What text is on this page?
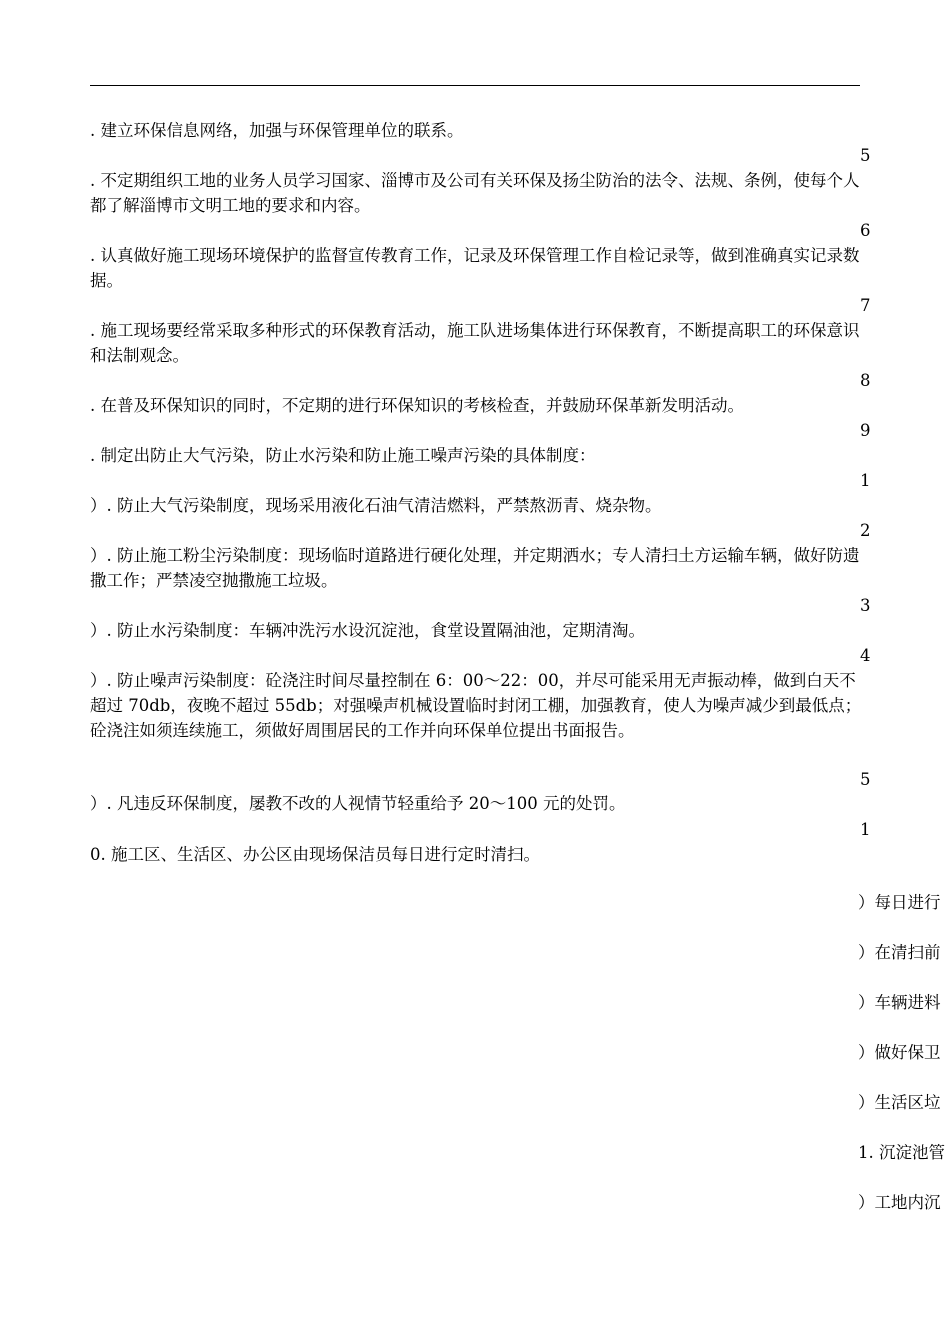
. 建立环保信息网络，加强与环保管理单位的联系。

5

. 不定期组织工地的业务人员学习国家、淄博市及公司有关环保及扬尘防治的法令、法规、条例，使每个人都了解淄博市文明工地的要求和内容。

6

. 认真做好施工现场环境保护的监督宣传教育工作，记录及环保管理工作自检记录等，做到准确真实记录数据。

7

. 施工现场要经常采取多种形式的环保教育活动，施工队进场集体进行环保教育，不断提高职工的环保意识和法制观念。

8

. 在普及环保知识的同时，不定期的进行环保知识的考核检查，并鼓励环保革新发明活动。

9

. 制定出防止大气污染，防止水污染和防止施工噪声污染的具体制度：

1

）. 防止大气污染制度，现场采用液化石油气清洁燃料，严禁熬沥青、烧杂物。

2

）. 防止施工粉尘污染制度：现场临时道路进行硬化处理，并定期洒水；专人清扫土方运输车辆，做好防遗撒工作；严禁凌空抛撒施工垃圾。

3

）. 防止水污染制度：车辆冲洗污水设沉淀池，食堂设置隔油池，定期清淘。

4

）. 防止噪声污染制度：砼浇注时间尽量控制在 6：00～22：00，并尽可能采用无声振动棒，做到白天不超过 70db，夜晚不超过 55db；对强噪声机械设置临时封闭工棚，加强教育，使人为噪声减少到最低点；砼浇注如须连续施工，须做好周围居民的工作并向环保单位提出书面报告。

5

）. 凡违反环保制度，屡教不改的人视情节轻重给予 20～100 元的处罚。

1

0. 施工区、生活区、办公区由现场保洁员每日进行定时清扫。

）每日进行
）在清扫前
）车辆进料
）做好保卫
）生活区垃
1. 沉淀池管
）工地内沉
